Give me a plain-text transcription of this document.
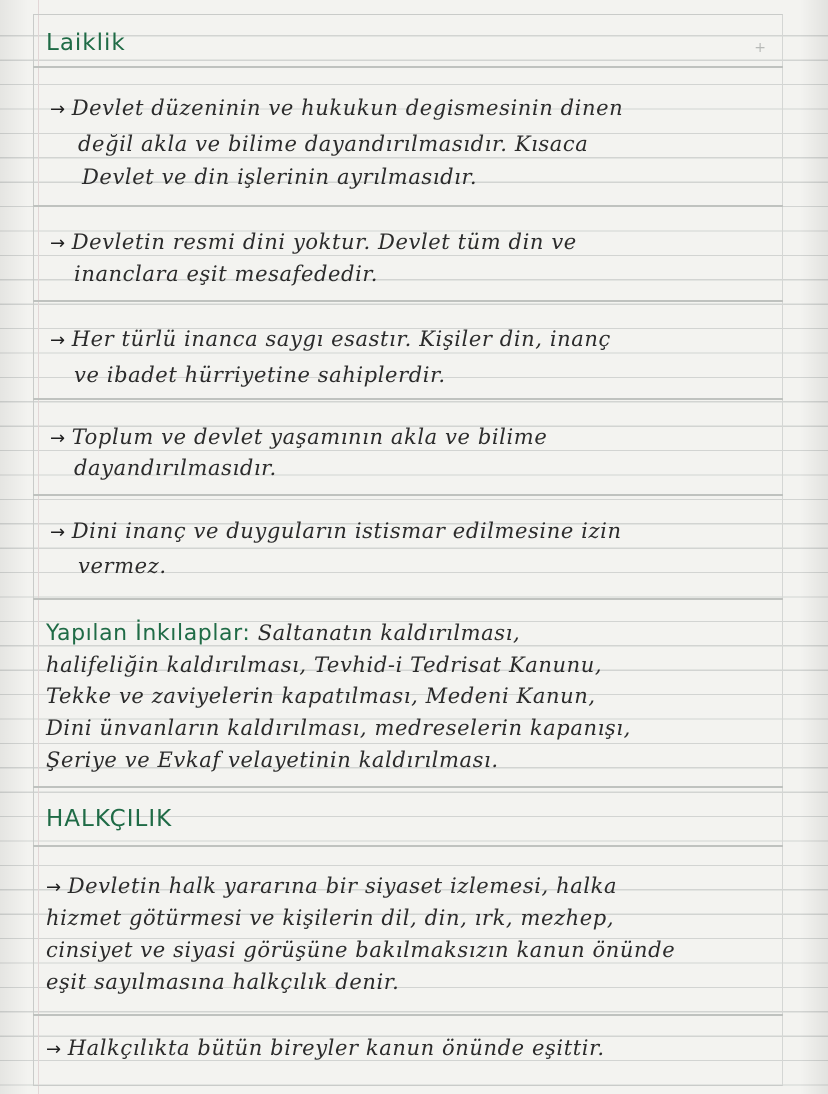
+
Laiklik
→ Devlet düzeninin ve hukukun degismesinin dinen
değil akla ve bilime dayandırılmasıdır. Kısaca
Devlet ve din işlerinin ayrılmasıdır.
→ Devletin resmi dini yoktur. Devlet tüm din ve
inanclara eşit mesafededir.
→ Her türlü inanca saygı esastır. Kişiler din, inanç
ve ibadet hürriyetine sahiplerdir.
→ Toplum ve devlet yaşamının akla ve bilime
dayandırılmasıdır.
→ Dini inanç ve duyguların istismar edilmesine izin
vermez.
Yapılan İnkılaplar: Saltanatın kaldırılması,
halifeliğin kaldırılması, Tevhid-i Tedrisat Kanunu,
Tekke ve zaviyelerin kapatılması, Medeni Kanun,
Dini ünvanların kaldırılması, medreselerin kapanışı,
Şeriye ve Evkaf velayetinin kaldırılması.
HALKÇILIK
→ Devletin halk yararına bir siyaset izlemesi, halka
hizmet götürmesi ve kişilerin dil, din, ırk, mezhep,
cinsiyet ve siyasi görüşüne bakılmaksızın kanun önünde
eşit sayılmasına halkçılık denir.
→ Halkçılıkta bütün bireyler kanun önünde eşittir.
